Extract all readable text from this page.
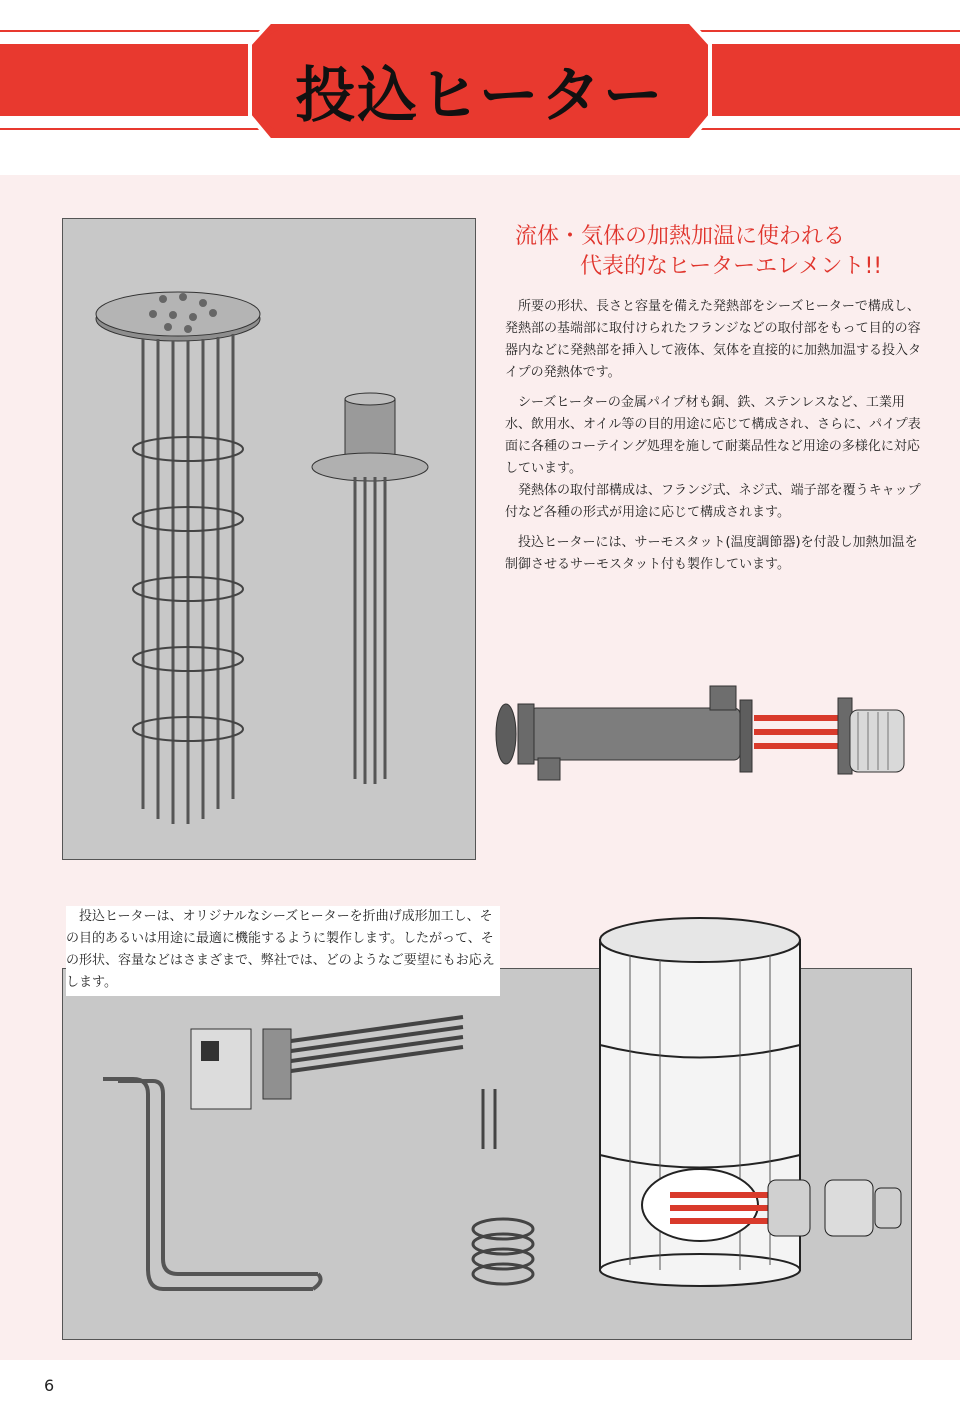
投込ヒーター
流体・気体の加熱加温に使われる
代表的なヒーターエレメント!!

所要の形状、長さと容量を備えた発熱部をシーズヒーターで構成し、発熱部の基端部に取付けられたフランジなどの取付部をもって目的の容器内などに発熱部を挿入して液体、気体を直接的に加熱加温する投入タイプの発熱体です。

シーズヒーターの金属パイプ材も銅、鉄、ステンレスなど、工業用水、飲用水、オイル等の目的用途に応じて構成され、さらに、パイプ表面に各種のコーテイング処理を施して耐薬品性など用途の多様化に対応しています。

発熱体の取付部構成は、フランジ式、ネジ式、端子部を覆うキャップ付など各種の形式が用途に応じて構成されます。

投込ヒーターには、サーモスタット(温度調節器)を付設し加熱加温を制御させるサーモスタット付も製作しています。

投込ヒーターは、オリジナルなシーズヒーターを折曲げ成形加工し、その目的あるいは用途に最適に機能するように製作します。したがって、その形状、容量などはさまざまで、弊社では、どのようなご要望にもお応えします。
6
